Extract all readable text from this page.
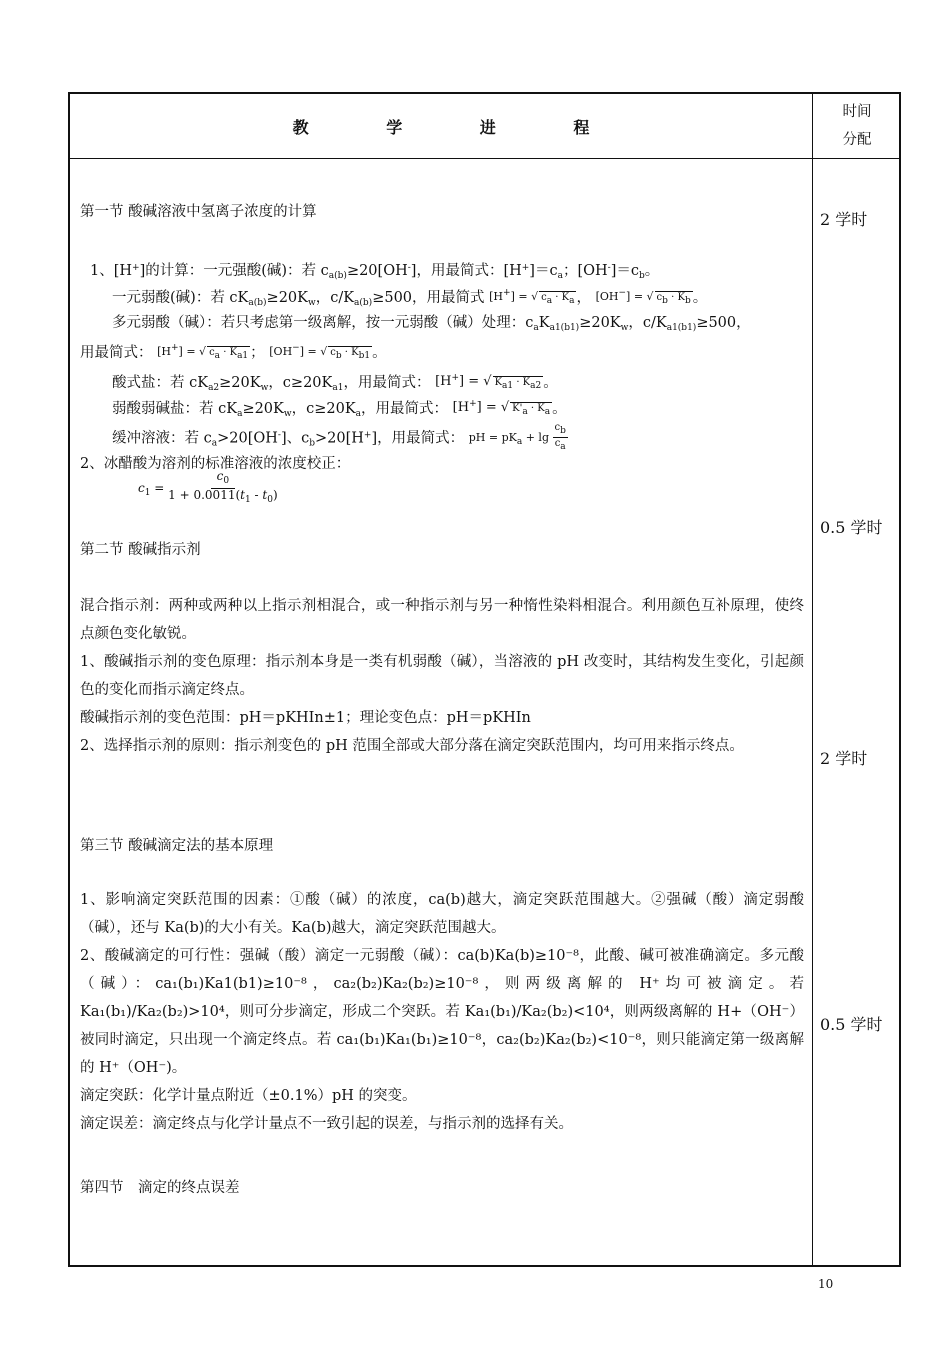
教 学 进 程
时间
分配
第一节 酸碱溶液中氢离子浓度的计算
1、[H+]的计算：一元强酸(碱)：若 $c_{a(b)}\ge 20[OH^-]$，用最简式：$[H^+]=c_a$；$[OH^-]=c_b$。
一元弱酸(碱)：若 $cK_{a(b)}\ge 20K_w$，$c/K_{a(b)}\ge 500$，用最简式 [H+] = √ $c_a \cdot K_a$ ， [OH−] = √ $c_b \cdot K_b$ 。
多元弱酸（碱）：若只考虑第一级离解，按一元弱酸（碱）处理：$c_aK_{a1(b1)}\ge 20K_w$，$c/K_{a1(b1)}\ge 500$，
用最简式： [H+] = √ $c_a \cdot K_{a1}$ ； [OH−] = √ $c_b \cdot K_{b1}$ 。
酸式盐：若 $cK_{a2}\ge 20K_w$，$c\ge 20K_{a1}$，用最简式： [H+] = √ $K_{a1} \cdot K_{a2}$ 。
弱酸弱碱盐：若 $cK_a\ge 20K_w$，$c\ge 20K_a$，用最简式： [H+] = √ $K'_a \cdot K_a$ 。
缓冲溶液：若 $c_a>20[OH^-]$、$c_b>20[H^+]$，用最简式： pH = $pK_a + \lg \frac{c_b}{c_a}$
2、冰醋酸为溶剂的标准溶液的浓度校正：
$c_1 = \frac{c_0}{1 + 0.0011(t_1 - t_0)}$
第二节 酸碱指示剂
混合指示剂：两种或两种以上指示剂相混合，或一种指示剂与另一种惰性染料相混合。利用颜色互补原理，使终点颜色变化敏锐。
1、酸碱指示剂的变色原理：指示剂本身是一类有机弱酸（碱），当溶液的 pH 改变时，其结构发生变化，引起颜色的变化而指示滴定终点。
酸碱指示剂的变色范围：pH＝pKHIn±1；理论变色点：pH＝pKHIn
2、选择指示剂的原则：指示剂变色的 pH 范围全部或大部分落在滴定突跃范围内，均可用来指示终点。
第三节 酸碱滴定法的基本原理
1、影响滴定突跃范围的因素：①酸（碱）的浓度，ca(b)越大，滴定突跃范围越大。②强碱（酸）滴定弱酸（碱），还与 Ka(b)的大小有关。Ka(b)越大，滴定突跃范围越大。
2、酸碱滴定的可行性：强碱（酸）滴定一元弱酸（碱）：ca(b)Ka(b)≥10⁻⁸，此酸、碱可被准确滴定。多元酸（碱）：ca₁(b₁)Ka1(b1)≥10⁻⁸，ca₂(b₂)Ka₂(b₂)≥10⁻⁸，则两级离解的 H⁺均可被滴定。若 Ka₁(b₁)/Ka₂(b₂)>10⁴，则可分步滴定，形成二个突跃。若 Ka₁(b₁)/Ka₂(b₂)<10⁴，则两级离解的 H+（OH⁻）被同时滴定，只出现一个滴定终点。若 ca₁(b₁)Ka₁(b₁)≥10⁻⁸，ca₂(b₂)Ka₂(b₂)<10⁻⁸，则只能滴定第一级离解的 H⁺（OH⁻)。
滴定突跃：化学计量点附近（±0.1%）pH 的突变。
滴定误差：滴定终点与化学计量点不一致引起的误差，与指示剂的选择有关。
第四节　滴定的终点误差
2 学时
0.5 学时
2 学时
0.5 学时
10
